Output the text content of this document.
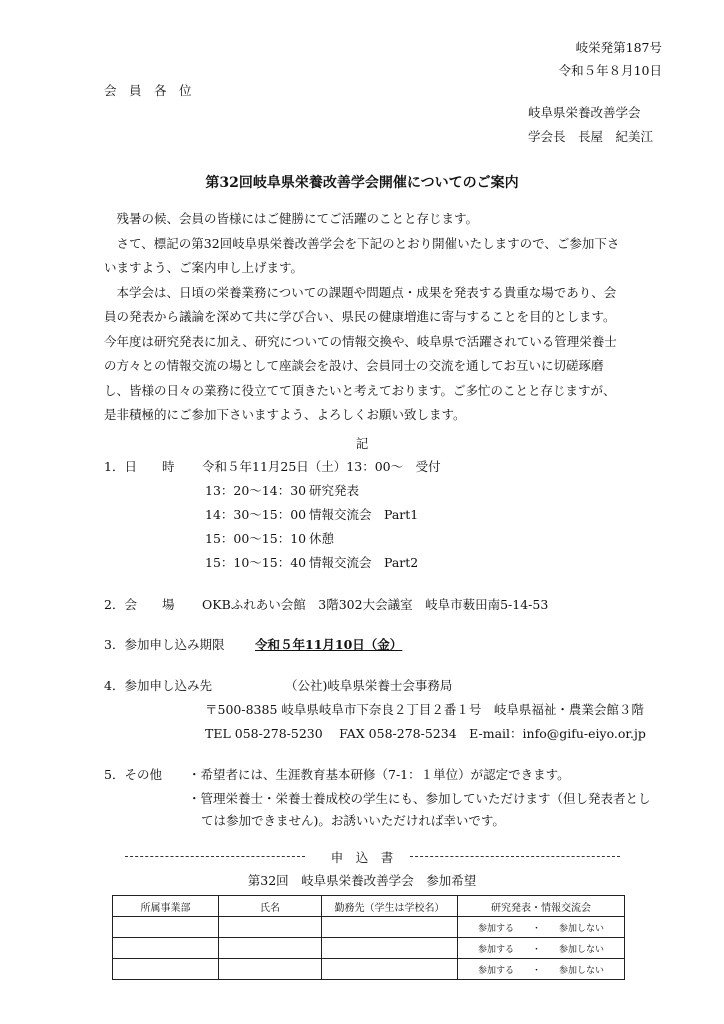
岐栄発第187号
令和５年８月10日
会　員　各　位
岐阜県栄養改善学会
学会長　長屋　紀美江
第32回岐阜県栄養改善学会開催についてのご案内

残暑の候、会員の皆様にはご健勝にてご活躍のことと存じます。

さて、標記の第32回岐阜県栄養改善学会を下記のとおり開催いたしますので、ご参加下さいますよう、ご案内申し上げます。

本学会は、日頃の栄養業務についての課題や問題点・成果を発表する貴重な場であり、会員の発表から議論を深めて共に学び合い、県民の健康増進に寄与することを目的とします。今年度は研究発表に加え、研究についての情報交換や、岐阜県で活躍されている管理栄養士の方々との情報交流の場として座談会を設け、会員同士の交流を通してお互いに切磋琢磨し、皆様の日々の業務に役立てて頂きたいと考えております。ご多忙のことと存じますが、是非積極的にご参加下さいますよう、よろしくお願い致します。

記
1．日　　時 令和５年11月25日（土）13：00～　受付
13：20～14：30 研究発表
14：30～15：00 情報交流会　Part1
15：00～15：10 休憩
15：10～15：40 情報交流会　Part2
2．会　　場 OKBふれあい会館　3階302大会議室　岐阜市薮田南5-14-53
3．参加申し込み期限 令和５年11月10日（金）
4．参加申し込み先	（公社)岐阜県栄養士会事務局
〒500-8385 岐阜県岐阜市下奈良２丁目２番１号　岐阜県福祉・農業会館３階
TEL 058-278-5230　 FAX 058-278-5234　E-mail：info@gifu-eiyo.or.jp
5．その他 ・希望者には、生涯教育基本研修（7-1：１単位）が認定できます。
・管理栄養士・栄養士養成校の学生にも、参加していただけます（但し発表者とし
ては参加できません)。お誘いいただければ幸いです。
申　込　書
第32回　岐阜県栄養改善学会　参加希望
所属事業部	氏名	勤務先（学生は学校名）	研究発表・情報交流会
			参加する　　 ・　　 参加しない
			参加する　　 ・　　 参加しない
			参加する　　 ・　　 参加しない
